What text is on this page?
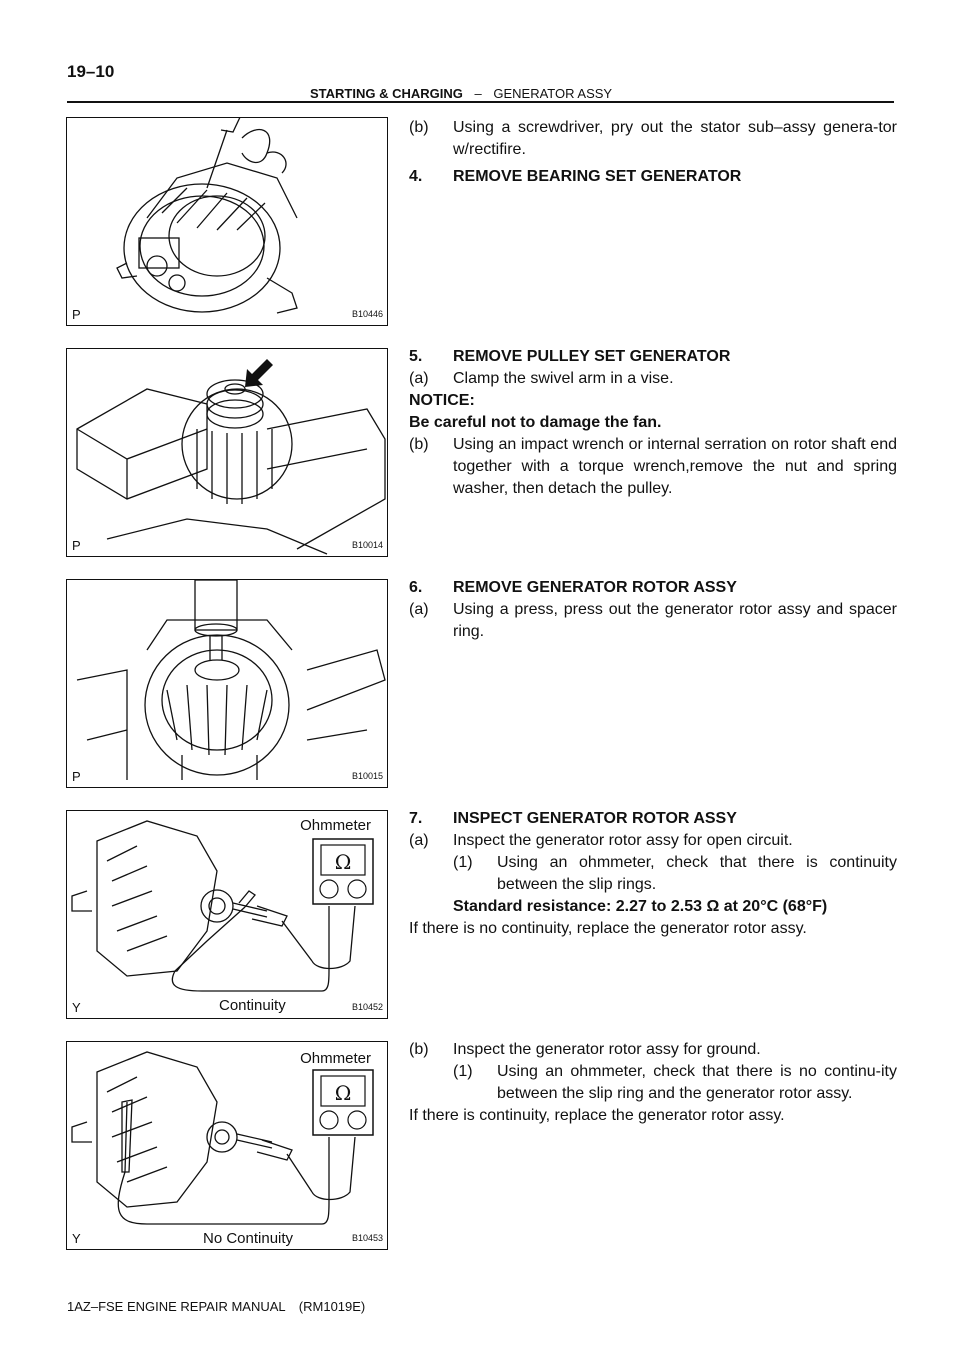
19–10
STARTING & CHARGING – GENERATOR ASSY
P	B10446
P	B10014
P	B10015
Ω
Ohmmeter
Continuity
Y	B10452
Ω
Ohmmeter
No Continuity
Y	B10453
(b)	Using a screwdriver, pry out the stator sub–assy genera-tor w/rectifire.
4.	REMOVE BEARING SET GENERATOR
5.	REMOVE PULLEY SET GENERATOR
(a)	Clamp the swivel arm in a vise.
NOTICE:
Be careful not to damage the fan.
(b)	Using an impact wrench or internal serration on rotor shaft end together with a torque wrench,remove the nut and spring washer, then detach the pulley.
6.	REMOVE GENERATOR ROTOR ASSY
(a)	Using a press, press out the generator rotor assy and spacer ring.
7.	INSPECT GENERATOR ROTOR ASSY
(a)	Inspect the generator rotor assy for open circuit.
(1)	Using an ohmmeter, check that there is continuity between the slip rings.
Standard resistance: 2.27 to 2.53 Ω at 20°C (68°F)
If there is no continuity, replace the generator rotor assy.
(b)	Inspect the generator rotor assy for ground.
(1)	Using an ohmmeter, check that there is no continu-ity between the slip ring and the generator rotor assy.
If there is continuity, replace the generator rotor assy.
1AZ–FSE ENGINE REPAIR MANUAL (RM1019E)
